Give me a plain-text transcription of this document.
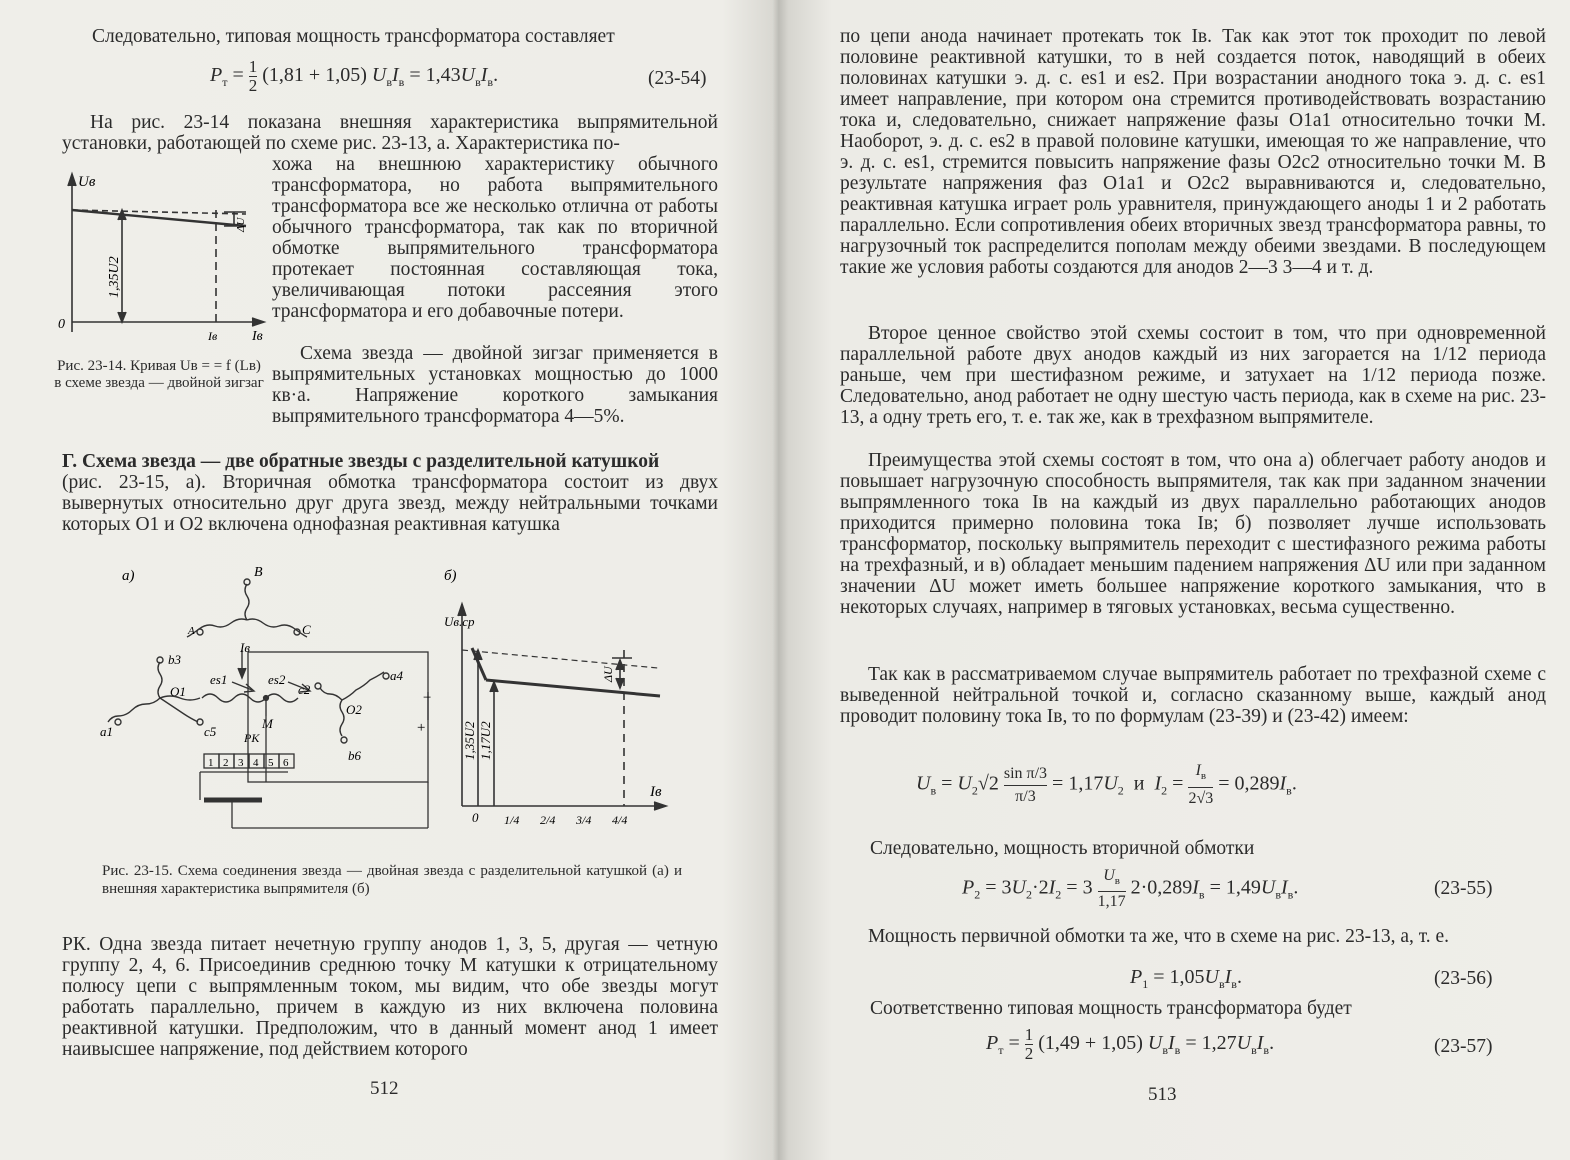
Следовательно, типовая мощность трансформатора составляет
$P_т = \frac{1}{2} (1,81 + 1,05) U_вI_в = 1,43U_вI_в$.	(23-54)
На рис. 23-14 показана внешняя характеристика выпрямительной установки, работающей по схеме рис. 23-13, а. Характеристика по-
хожа на внешнюю характеристику обычного трансформатора, но работа выпрямительного трансформатора все же несколько отлична от работы обычного трансформатора, так как по вторичной обмотке выпрямительного трансформатора протекает постоянная составляющая тока, увеличивающая потоки рассеяния этого трансформатора и его добавочные потери.
Схема звезда — двойной зигзаг применяется в выпрямительных установках мощностью до 1000 кв·а. Напряжение короткого замыкания выпрямительного трансформатора 4—5%.
Uв
0
Iв
Iв
1,35U2
ΔU
Рис. 23-14. Кривая Uв = = f (Lв) в схеме звезда — двойной зигзаг
Г. Схема звезда — две обратные звезды с разделительной катушкой
(рис. 23-15, а). Вторичная обмотка трансформатора состоит из двух вывернутых относительно друг друга звезд, между нейтральными точками которых O1 и O2 включена однофазная реактивная катушка
а)	б)
B
A	C
b3
O1
a1	c5
Iв
es1	es2
M
PK
c2
a4
O2
b6
−
+
1 2 3 4 5 6
Uв.ср
Iв
1,35U2 1,17U2
ΔU
0 1/4 2/4 3/4 4/4
Рис. 23-15. Схема соединения звезда — двойная звезда с разделительной катушкой (а) и внешняя характеристика выпрямителя (б)
РК. Одна звезда питает нечетную группу анодов 1, 3, 5, другая — четную группу 2, 4, 6. Присоединив среднюю точку M катушки к отрицательному полюсу цепи с выпрямленным током, мы видим, что обе звезды могут работать параллельно, причем в каждую из них включена половина реактивной катушки. Предположим, что в данный момент анод 1 имеет наивысшее напряжение, под действием которого
512
по цепи анода начинает протекать ток Iв. Так как этот ток проходит по левой половине реактивной катушки, то в ней создается поток, наводящий в обеих половинах катушки э. д. с. es1 и es2. При возрастании анодного тока э. д. с. es1 имеет направление, при котором она стремится противодействовать возрастанию тока и, следовательно, снижает напряжение фазы O1a1 относительно точки M. Наоборот, э. д. с. es2 в правой половине катушки, имеющая то же направление, что э. д. с. es1, стремится повысить напряжение фазы O2c2 относительно точки M. В результате напряжения фаз O1a1 и O2c2 выравниваются и, следовательно, реактивная катушка играет роль уравнителя, принуждающего аноды 1 и 2 работать параллельно. Если сопротивления обеих вторичных звезд трансформатора равны, то нагрузочный ток распределится пополам между обеими звездами. В последующем такие же условия работы создаются для анодов 2—3 3—4 и т. д.
Второе ценное свойство этой схемы состоит в том, что при одновременной параллельной работе двух анодов каждый из них загорается на 1/12 периода раньше, чем при шестифазном режиме, и затухает на 1/12 периода позже. Следовательно, анод работает не одну шестую часть периода, как в схеме на рис. 23-13, а одну треть его, т. е. так же, как в трехфазном выпрямителе.
Преимущества этой схемы состоят в том, что она а) облегчает работу анодов и повышает нагрузочную способность выпрямителя, так как при заданном значении выпрямленного тока Iв на каждый из двух параллельно работающих анодов приходится примерно половина тока Iв; б) позволяет лучше использовать трансформатор, поскольку выпрямитель переходит с шестифазного режима работы на трехфазный, и в) обладает меньшим падением напряжения ΔU или при заданном значении ΔU может иметь большее напряжение короткого замыкания, что в некоторых случаях, например в тяговых установках, весьма существенно.
Так как в рассматриваемом случае выпрямитель работает по трехфазной схеме с выведенной нейтральной точкой и, согласно сказанному выше, каждый анод проводит половину тока Iв, то по формулам (23-39) и (23-42) имеем:
$U_в = U_2√2 \frac{\text{sin π/3}}{\pi/3} = 1,17U_2$  и  $I_2$ =
$I_в$
2√3
= $0,289I_в$.
Следовательно, мощность вторичной обмотки
$P_2 = 3U_2\cdot 2I_2 = 3$
$U_в$
1,17
$2\cdot 0,289I_в = 1,49U_вI_в$.	(23-55)
Мощность первичной обмотки та же, что в схеме на рис. 23-13, а, т. е.
$P_1 = 1,05U_вI_в$.	(23-56)
Соответственно типовая мощность трансформатора будет
$P_т = \frac{1}{2} (1,49 + 1,05) U_вI_в = 1,27U_вI_в$.	(23-57)
513
